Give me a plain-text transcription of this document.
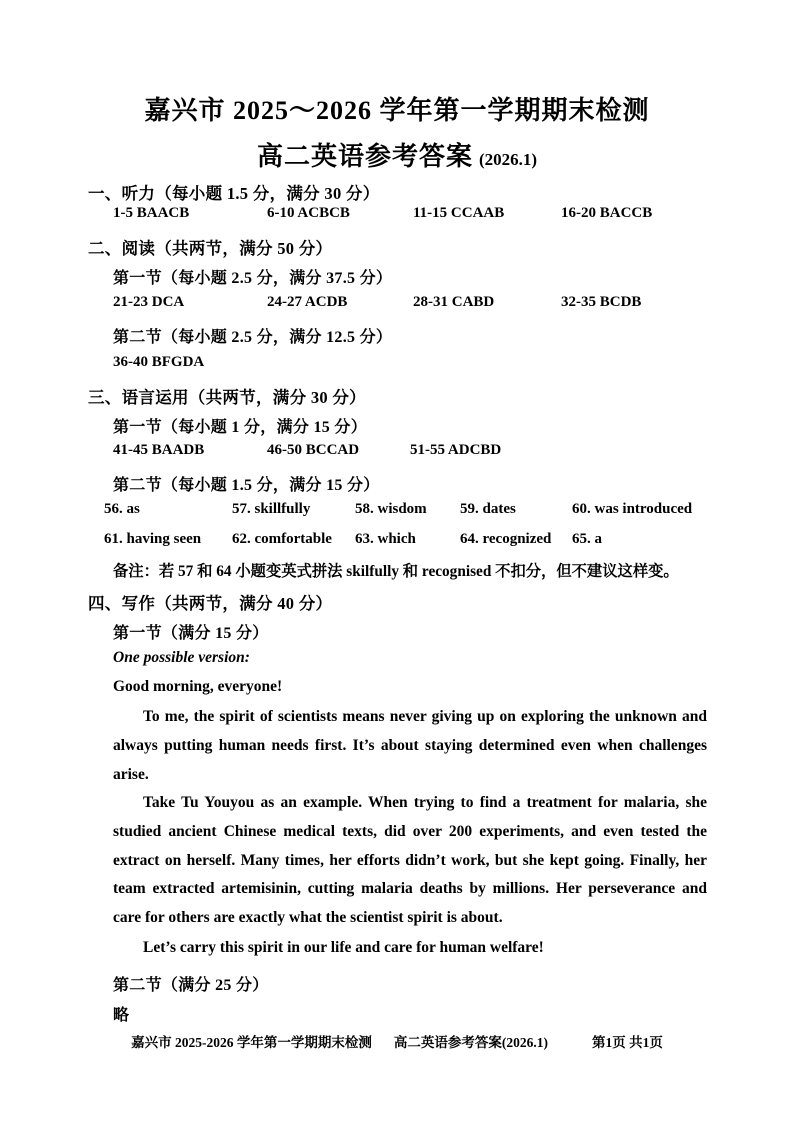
嘉兴市 2025～2026 学年第一学期期末检测
高二英语参考答案 (2026.1)
一、听力（每小题 1.5 分，满分 30 分）
1-5 BAACB	6-10 ACBCB	11-15 CCAAB	16-20 BACCB
二、阅读（共两节，满分 50 分）
第一节（每小题 2.5 分，满分 37.5 分）
21-23 DCA	24-27 ACDB	28-31 CABD	32-35 BCDB
第二节（每小题 2.5 分，满分 12.5 分）
36-40 BFGDA
三、语言运用（共两节，满分 30 分）
第一节（每小题 1 分，满分 15 分）
41-45 BAADB	46-50 BCCAD	51-55 ADCBD
第二节（每小题 1.5 分，满分 15 分）
56. as	57. skillfully	58. wisdom	59. dates	60. was introduced
61. having seen	62. comfortable	63. which	64. recognized	65. a
备注：若 57 和 64 小题变英式拼法 skilfully 和 recognised 不扣分，但不建议这样变。
四、写作（共两节，满分 40 分）
第一节（满分 15 分）
One possible version:
Good morning, everyone!

To me, the spirit of scientists means never giving up on exploring the unknown and always putting human needs first. It’s about staying determined even when challenges arise.

Take Tu Youyou as an example. When trying to find a treatment for malaria, she studied ancient Chinese medical texts, did over 200 experiments, and even tested the extract on herself. Many times, her efforts didn’t work, but she kept going. Finally, her team extracted artemisinin, cutting malaria deaths by millions. Her perseverance and care for others are exactly what the scientist spirit is about.

Let’s carry this spirit in our life and care for human welfare!

第二节（满分 25 分）
略
嘉兴市 2025-2026 学年第一学期期末检测 高二英语参考答案(2026.1)	第1页 共1页
